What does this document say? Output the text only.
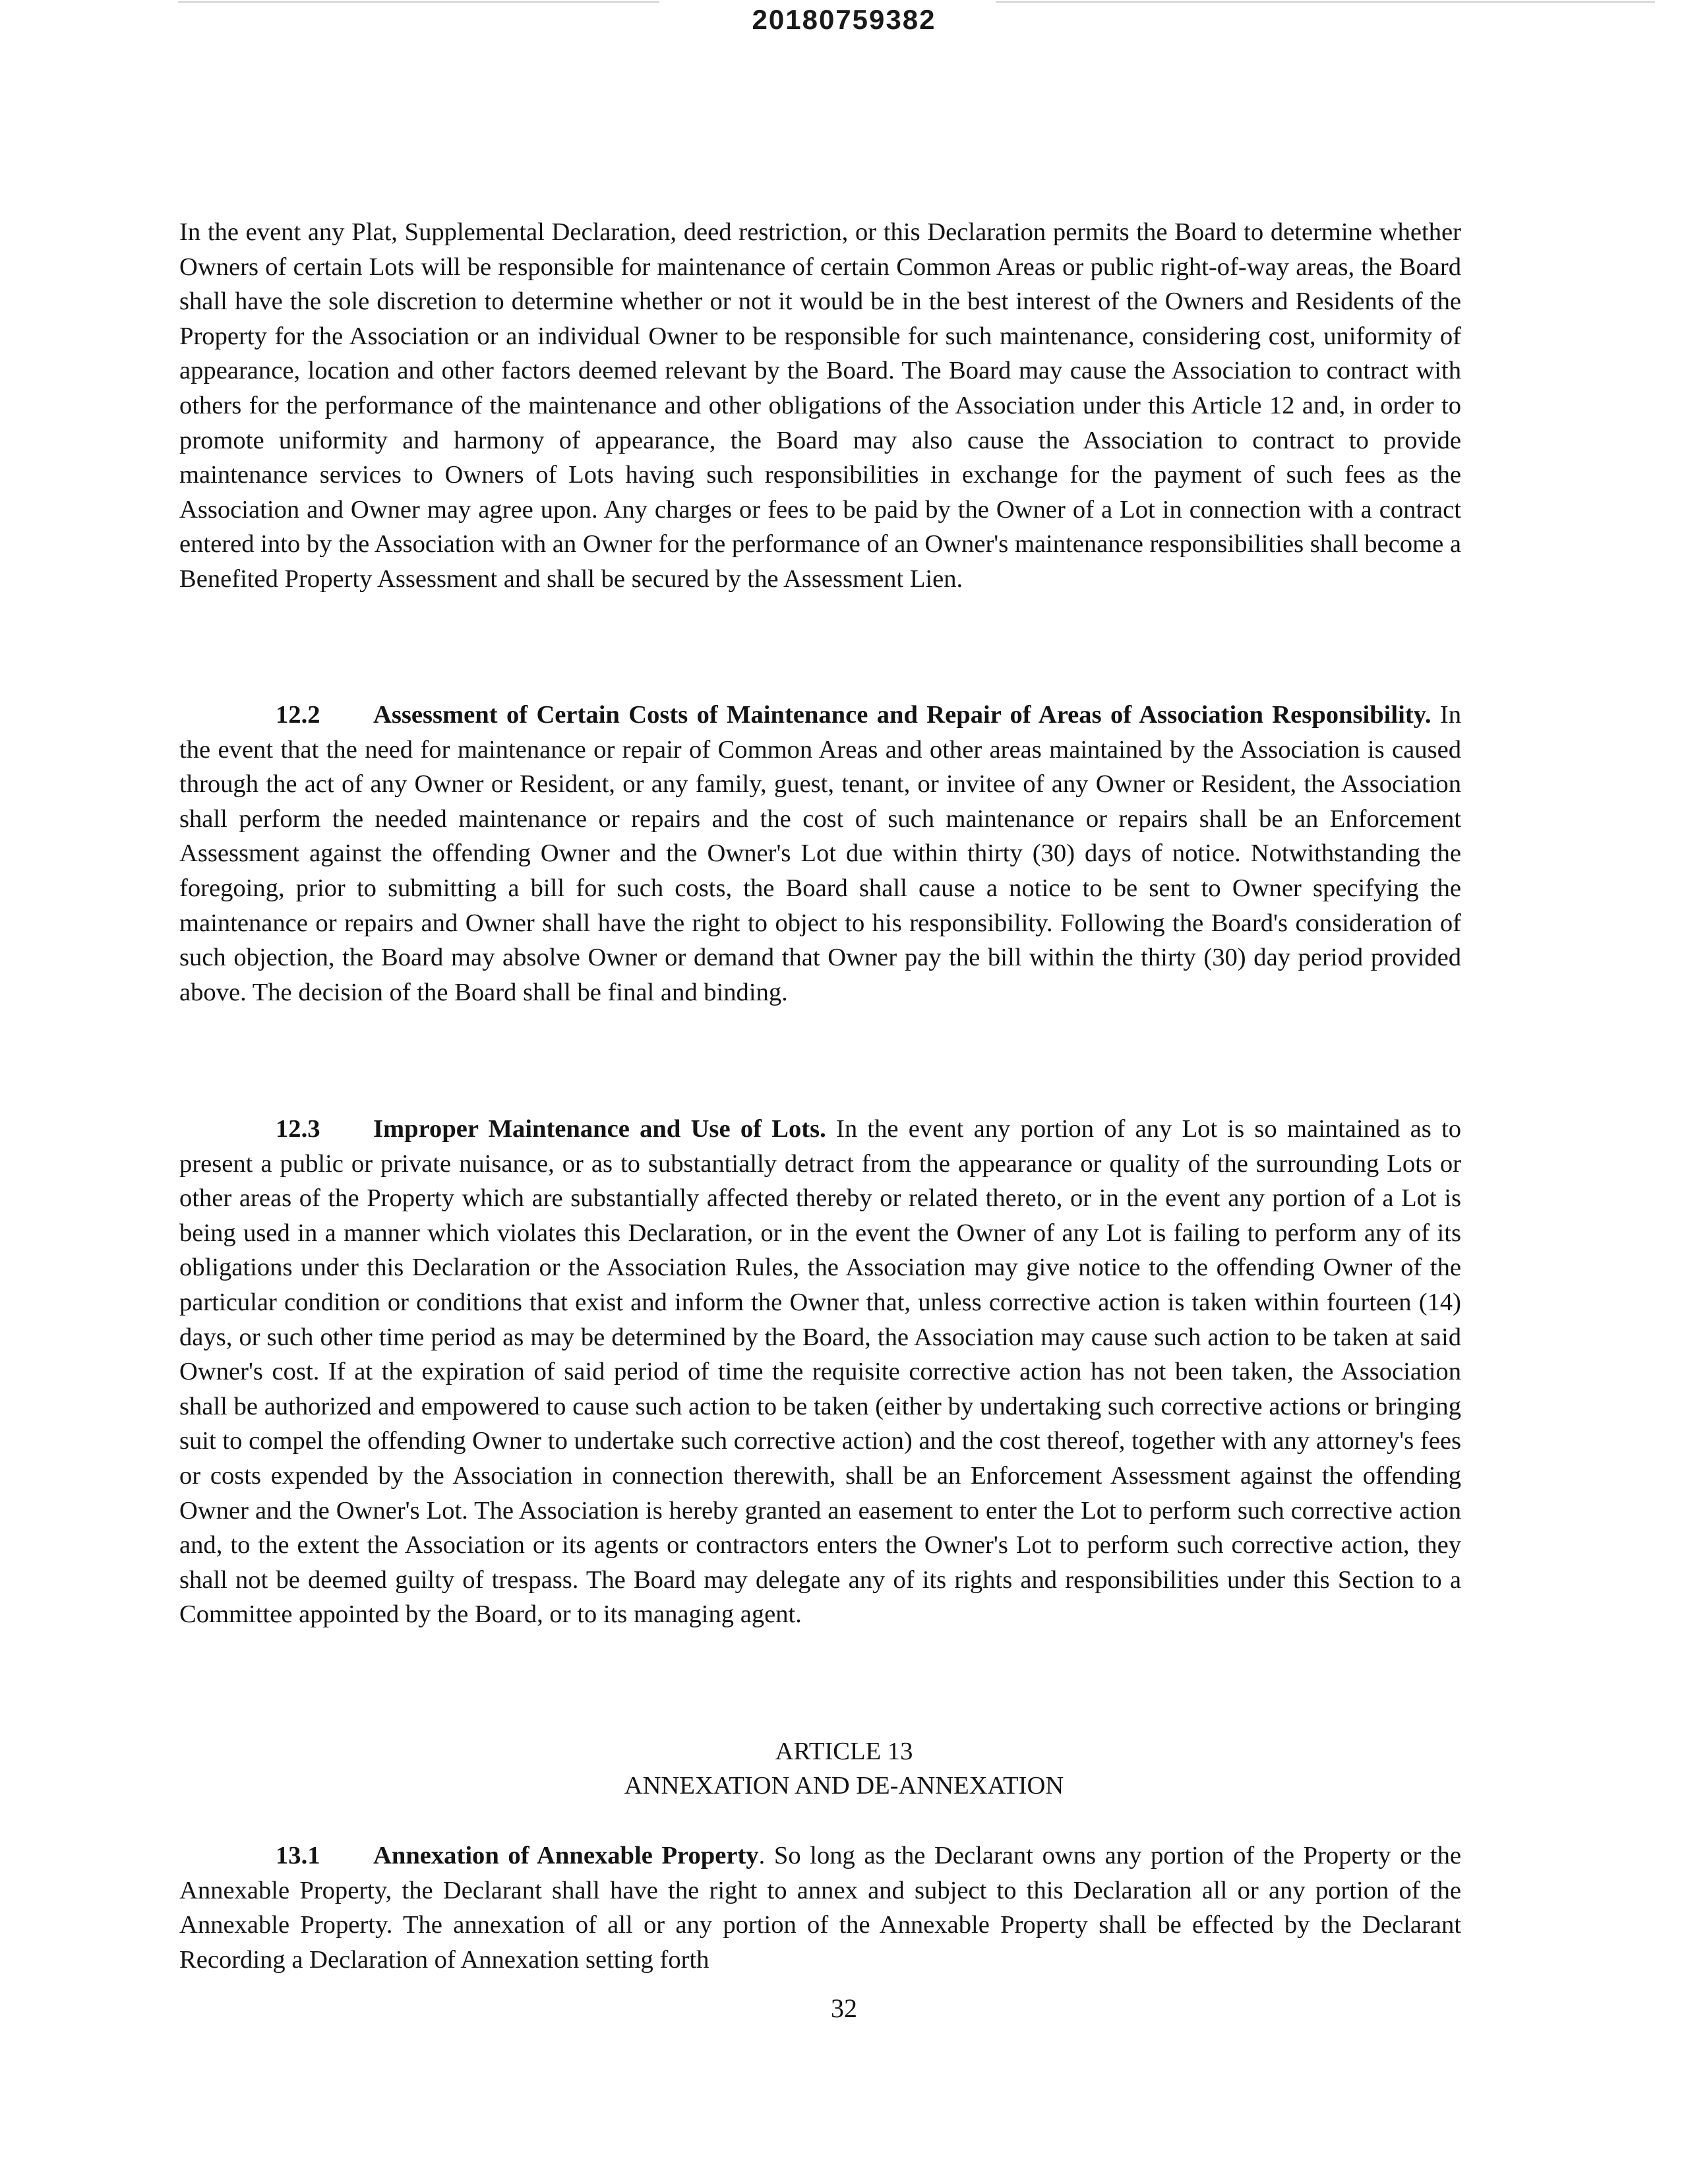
20180759382

In the event any Plat, Supplemental Declaration, deed restriction, or this Declaration permits the Board to determine whether Owners of certain Lots will be responsible for maintenance of certain Common Areas or public right-of-way areas, the Board shall have the sole discretion to determine whether or not it would be in the best interest of the Owners and Residents of the Property for the Association or an individual Owner to be responsible for such maintenance, considering cost, uniformity of appearance, location and other factors deemed relevant by the Board. The Board may cause the Association to contract with others for the performance of the maintenance and other obligations of the Association under this Article 12 and, in order to promote uniformity and harmony of appearance, the Board may also cause the Association to contract to provide maintenance services to Owners of Lots having such responsibilities in exchange for the payment of such fees as the Association and Owner may agree upon. Any charges or fees to be paid by the Owner of a Lot in connection with a contract entered into by the Association with an Owner for the performance of an Owner's maintenance responsibilities shall become a Benefited Property Assessment and shall be secured by the Assessment Lien.

12.2 Assessment of Certain Costs of Maintenance and Repair of Areas of Association Responsibility. In the event that the need for maintenance or repair of Common Areas and other areas maintained by the Association is caused through the act of any Owner or Resident, or any family, guest, tenant, or invitee of any Owner or Resident, the Association shall perform the needed maintenance or repairs and the cost of such maintenance or repairs shall be an Enforcement Assessment against the offending Owner and the Owner's Lot due within thirty (30) days of notice. Notwithstanding the foregoing, prior to submitting a bill for such costs, the Board shall cause a notice to be sent to Owner specifying the maintenance or repairs and Owner shall have the right to object to his responsibility. Following the Board's consideration of such objection, the Board may absolve Owner or demand that Owner pay the bill within the thirty (30) day period provided above. The decision of the Board shall be final and binding.

12.3 Improper Maintenance and Use of Lots. In the event any portion of any Lot is so maintained as to present a public or private nuisance, or as to substantially detract from the appearance or quality of the surrounding Lots or other areas of the Property which are substantially affected thereby or related thereto, or in the event any portion of a Lot is being used in a manner which violates this Declaration, or in the event the Owner of any Lot is failing to perform any of its obligations under this Declaration or the Association Rules, the Association may give notice to the offending Owner of the particular condition or conditions that exist and inform the Owner that, unless corrective action is taken within fourteen (14) days, or such other time period as may be determined by the Board, the Association may cause such action to be taken at said Owner's cost. If at the expiration of said period of time the requisite corrective action has not been taken, the Association shall be authorized and empowered to cause such action to be taken (either by undertaking such corrective actions or bringing suit to compel the offending Owner to undertake such corrective action) and the cost thereof, together with any attorney's fees or costs expended by the Association in connection therewith, shall be an Enforcement Assessment against the offending Owner and the Owner's Lot. The Association is hereby granted an easement to enter the Lot to perform such corrective action and, to the extent the Association or its agents or contractors enters the Owner's Lot to perform such corrective action, they shall not be deemed guilty of trespass. The Board may delegate any of its rights and responsibilities under this Section to a Committee appointed by the Board, or to its managing agent.

ARTICLE 13
ANNEXATION AND DE-ANNEXATION

13.1 Annexation of Annexable Property. So long as the Declarant owns any portion of the Property or the Annexable Property, the Declarant shall have the right to annex and subject to this Declaration all or any portion of the Annexable Property. The annexation of all or any portion of the Annexable Property shall be effected by the Declarant Recording a Declaration of Annexation setting forth

32
